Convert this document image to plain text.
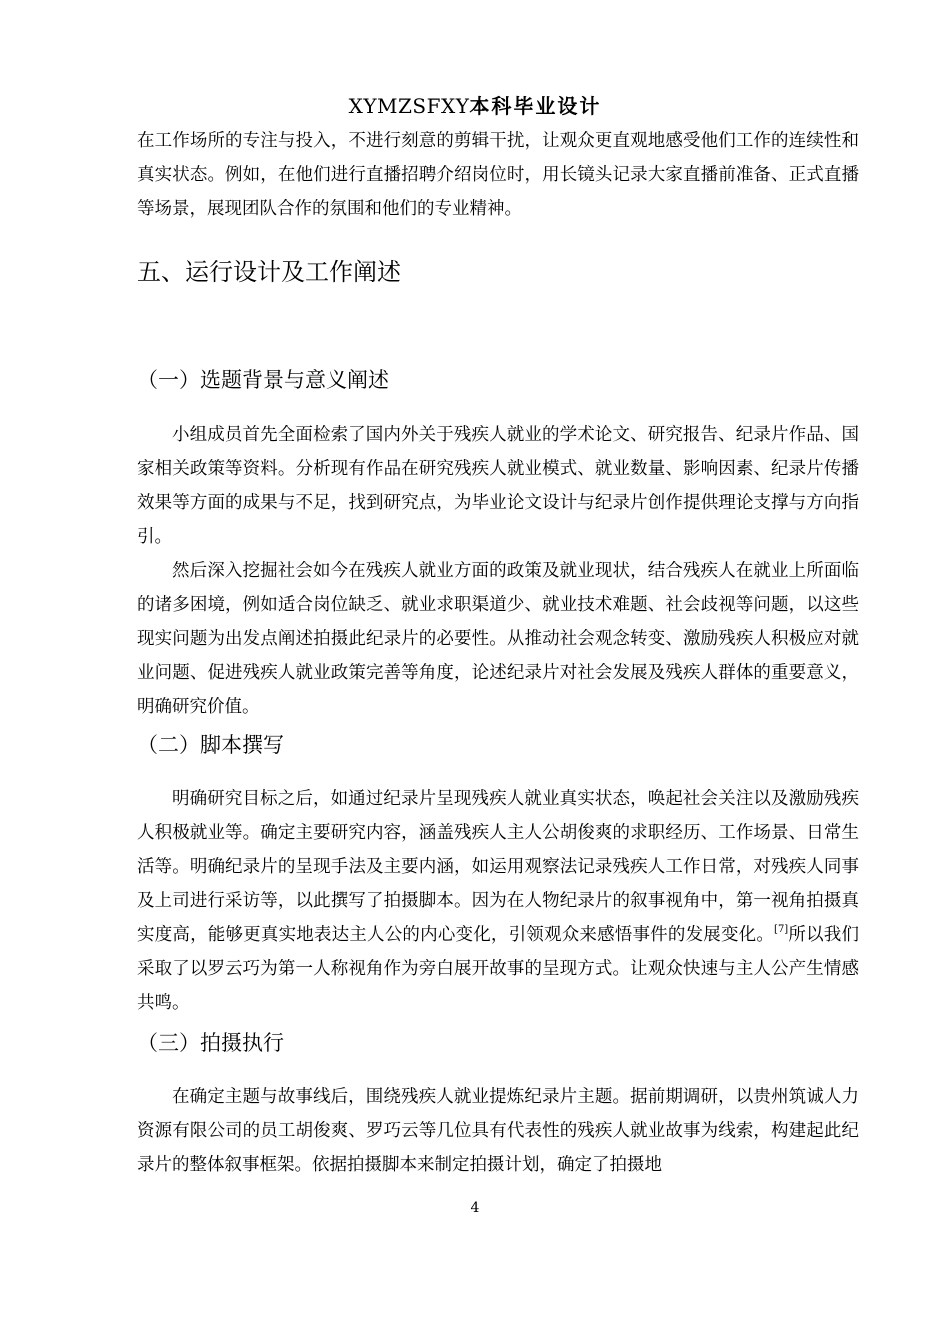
XYMZSFXY本科毕业设计

在工作场所的专注与投入，不进行刻意的剪辑干扰，让观众更直观地感受他们工作的连续性和真实状态。例如，在他们进行直播招聘介绍岗位时，用长镜头记录大家直播前准备、正式直播等场景，展现团队合作的氛围和他们的专业精神。

五、运行设计及工作阐述
（一）选题背景与意义阐述

小组成员首先全面检索了国内外关于残疾人就业的学术论文、研究报告、纪录片作品、国家相关政策等资料。分析现有作品在研究残疾人就业模式、就业数量、影响因素、纪录片传播效果等方面的成果与不足，找到研究点，为毕业论文设计与纪录片创作提供理论支撑与方向指引。

然后深入挖掘社会如今在残疾人就业方面的政策及就业现状，结合残疾人在就业上所面临的诸多困境，例如适合岗位缺乏、就业求职渠道少、就业技术难题、社会歧视等问题，以这些现实问题为出发点阐述拍摄此纪录片的必要性。从推动社会观念转变、激励残疾人积极应对就业问题、促进残疾人就业政策完善等角度，论述纪录片对社会发展及残疾人群体的重要意义，明确研究价值。

（二）脚本撰写

明确研究目标之后，如通过纪录片呈现残疾人就业真实状态，唤起社会关注以及激励残疾人积极就业等。确定主要研究内容，涵盖残疾人主人公胡俊爽的求职经历、工作场景、日常生活等。明确纪录片的呈现手法及主要内涵，如运用观察法记录残疾人工作日常，对残疾人同事及上司进行采访等，以此撰写了拍摄脚本。因为在人物纪录片的叙事视角中，第一视角拍摄真实度高，能够更真实地表达主人公的内心变化，引领观众来感悟事件的发展变化。[7]所以我们采取了以罗云巧为第一人称视角作为旁白展开故事的呈现方式。让观众快速与主人公产生情感共鸣。

（三）拍摄执行

在确定主题与故事线后，围绕残疾人就业提炼纪录片主题。据前期调研，以贵州筑诚人力资源有限公司的员工胡俊爽、罗巧云等几位具有代表性的残疾人就业故事为线索，构建起此纪录片的整体叙事框架。依据拍摄脚本来制定拍摄计划，确定了拍摄地

4
